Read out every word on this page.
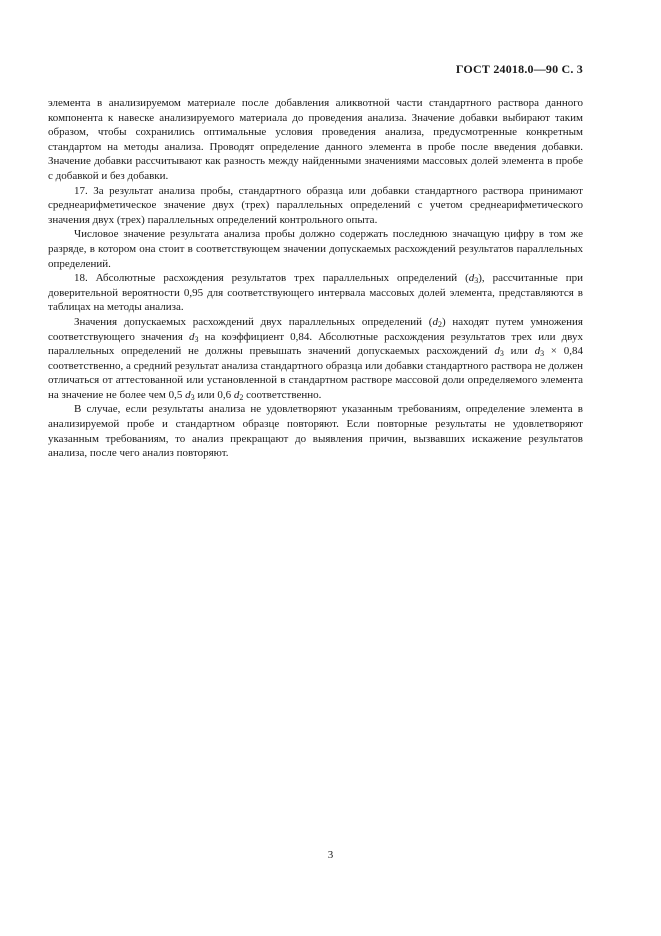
ГОСТ 24018.0—90 С. 3

элемента в анализируемом материале после добавления аликвотной части стандартного раствора данного компонента к навеске анализируемого материала до проведения анализа. Значение добавки выбирают таким образом, чтобы сохранились оптимальные условия проведения анализа, предусмотренные конкретным стандартом на методы анализа. Проводят определение данного элемента в пробе после введения добавки. Значение добавки рассчитывают как разность между найденными значениями массовых долей элемента в пробе с добавкой и без добавки.

17. За результат анализа пробы, стандартного образца или добавки стандартного раствора принимают среднеарифметическое значение двух (трех) параллельных определений с учетом среднеарифметического значения двух (трех) параллельных определений контрольного опыта.

Числовое значение результата анализа пробы должно содержать последнюю значащую цифру в том же разряде, в котором она стоит в соответствующем значении допускаемых расхождений результатов параллельных определений.

18. Абсолютные расхождения результатов трех параллельных определений $(d_3)$, рассчитанные при доверительной вероятности 0,95 для соответствующего интервала массовых долей элемента, представляются в таблицах на методы анализа.

Значения допускаемых расхождений двух параллельных определений $(d_2)$ находят путем умножения соответствующего значения $d_3$ на коэффициент 0,84. Абсолютные расхождения результатов трех или двух параллельных определений не должны превышать значений допускаемых расхождений $d_3$ или $d_3 \times 0,84$ соответственно, а средний результат анализа стандартного образца или добавки стандартного раствора не должен отличаться от аттестованной или установленной в стандартном растворе массовой доли определяемого элемента на значение не более чем 0,5 $d_3$ или 0,6 $d_2$ соответственно.

В случае, если результаты анализа не удовлетворяют указанным требованиям, определение элемента в анализируемой пробе и стандартном образце повторяют. Если повторные результаты не удовлетворяют указанным требованиям, то анализ прекращают до выявления причин, вызвавших искажение результатов анализа, после чего анализ повторяют.

3
